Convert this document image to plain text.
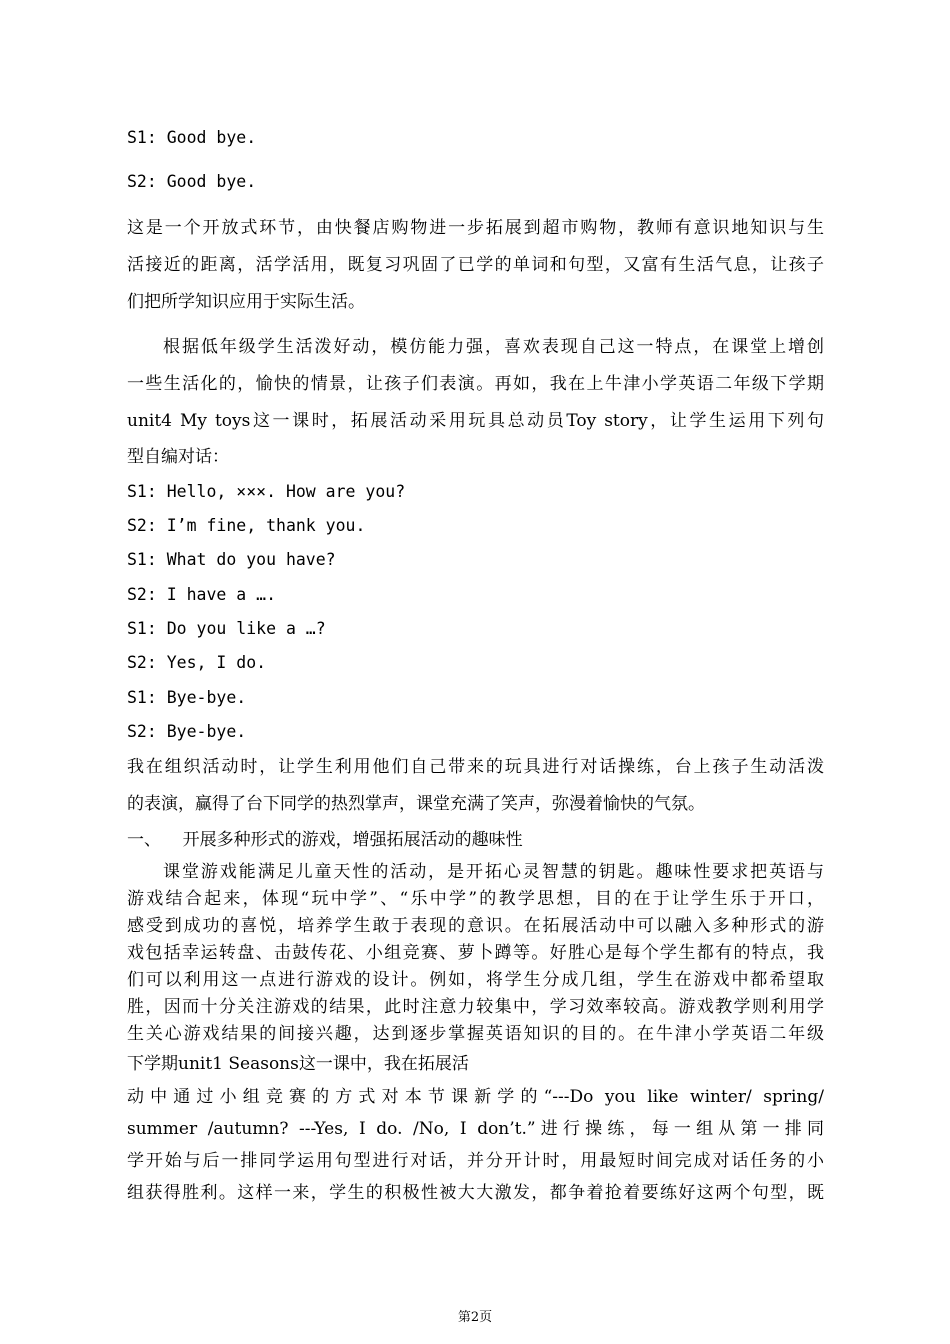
S1: Good bye.
S2: Good bye.
这是一个开放式环节，由快餐店购物进一步拓展到超市购物，教师有意识地知识与生
活接近的距离，活学活用，既复习巩固了已学的单词和句型，又富有生活气息，让孩子
们把所学知识应用于实际生活。
根据低年级学生活泼好动，模仿能力强，喜欢表现自己这一特点，在课堂上增创
一些生活化的，愉快的情景，让孩子们表演。再如，我在上牛津小学英语二年级下学期
unit4 My toys这一课时，拓展活动采用玩具总动员Toy story，让学生运用下列句
型自编对话：
S1: Hello, ×××. How are you?
S2: I’m fine, thank you.
S1: What do you have?
S2: I have a ….
S1: Do you like a …?
S2: Yes, I do.
S1: Bye-bye.
S2: Bye-bye.
我在组织活动时，让学生利用他们自己带来的玩具进行对话操练，台上孩子生动活泼
的表演，赢得了台下同学的热烈掌声，课堂充满了笑声，弥漫着愉快的气氛。
一、    开展多种形式的游戏，增强拓展活动的趣味性
课堂游戏能满足儿童天性的活动，是开拓心灵智慧的钥匙。趣味性要求把英语与
游戏结合起来，体现“玩中学”、“乐中学”的教学思想，目的在于让学生乐于开口，
感受到成功的喜悦，培养学生敢于表现的意识。在拓展活动中可以融入多种形式的游
戏包括幸运转盘、击鼓传花、小组竞赛、萝卜蹲等。好胜心是每个学生都有的特点，我
们可以利用这一点进行游戏的设计。例如，将学生分成几组，学生在游戏中都希望取
胜，因而十分关注游戏的结果，此时注意力较集中，学习效率较高。游戏教学则利用学
生关心游戏结果的间接兴趣，达到逐步掌握英语知识的目的。在牛津小学英语二年级
下学期unit1 Seasons这一课中，我在拓展活
动中通过小组竞赛的方式对本节课新学的“---Do you like winter/ spring/
summer /autumn? ---Yes, I do. /No, I don’t.”进行操练，每一组从第一排同
学开始与后一排同学运用句型进行对话，并分开计时，用最短时间完成对话任务的小
组获得胜利。这样一来，学生的积极性被大大激发，都争着抢着要练好这两个句型，既
第2页
